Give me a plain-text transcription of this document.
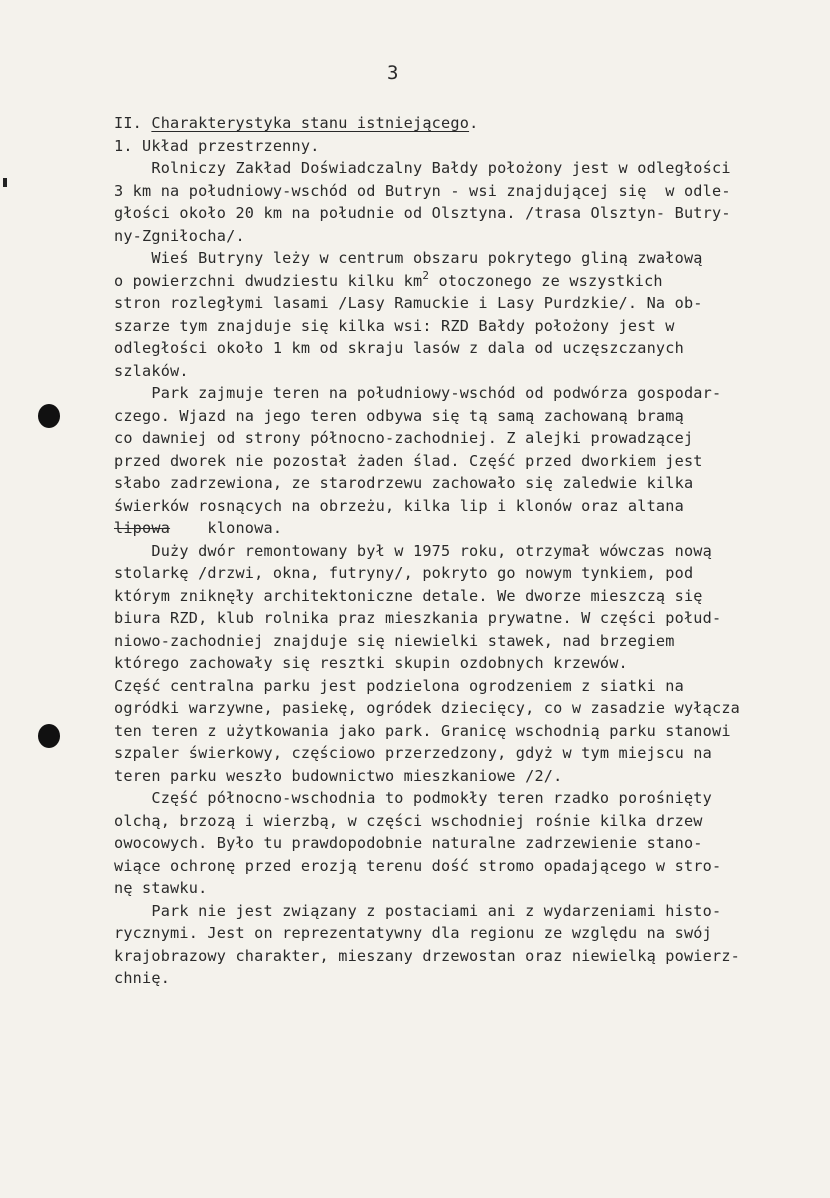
3
II. Charakterystyka stanu istniejącego.
1. Układ przestrzenny.
Rolniczy Zakład Doświadczalny Bałdy położony jest w odległości
3 km na południowy-wschód od Butryn - wsi znajdującej się  w odle-
głości około 20 km na południe od Olsztyna. /trasa Olsztyn- Butry-
ny-Zgniłocha/.
Wieś Butryny leży w centrum obszaru pokrytego gliną zwałową
o powierzchni dwudziestu kilku $km^2$ otoczonego ze wszystkich
stron rozległymi lasami /Lasy Ramuckie i Lasy Purdzkie/. Na ob-
szarze tym znajduje się kilka wsi: RZD Bałdy położony jest w
odległości około 1 km od skraju lasów z dala od uczęszczanych
szlaków.
Park zajmuje teren na południowy-wschód od podwórza gospodar-
czego. Wjazd na jego teren odbywa się tą samą zachowaną bramą
co dawniej od strony północno-zachodniej. Z alejki prowadzącej
przed dworek nie pozostał żaden ślad. Część przed dworkiem jest
słabo zadrzewiona, ze starodrzewu zachowało się zaledwie kilka
świerków rosnących na obrzeżu, kilka lip i klonów oraz altana
lipowa    klonowa.
Duży dwór remontowany był w 1975 roku, otrzymał wówczas nową
stolarkę /drzwi, okna, futryny/, pokryto go nowym tynkiem, pod
którym zniknęły architektoniczne detale. We dworze mieszczą się
biura RZD, klub rolnika praz mieszkania prywatne. W części połud-
niowo-zachodniej znajduje się niewielki stawek, nad brzegiem
którego zachowały się resztki skupin ozdobnych krzewów.
Część centralna parku jest podzielona ogrodzeniem z siatki na
ogródki warzywne, pasiekę, ogródek dziecięcy, co w zasadzie wyłącza
ten teren z użytkowania jako park. Granicę wschodnią parku stanowi
szpaler świerkowy, częściowo przerzedzony, gdyż w tym miejscu na
teren parku weszło budownictwo mieszkaniowe /2/.
Część północno-wschodnia to podmokły teren rzadko porośnięty
olchą, brzozą i wierzbą, w części wschodniej rośnie kilka drzew
owocowych. Było tu prawdopodobnie naturalne zadrzewienie stano-
wiące ochronę przed erozją terenu dość stromo opadającego w stro-
nę stawku.
Park nie jest związany z postaciami ani z wydarzeniami histo-
rycznymi. Jest on reprezentatywny dla regionu ze względu na swój
krajobrazowy charakter, mieszany drzewostan oraz niewielką powierz-
chnię.
